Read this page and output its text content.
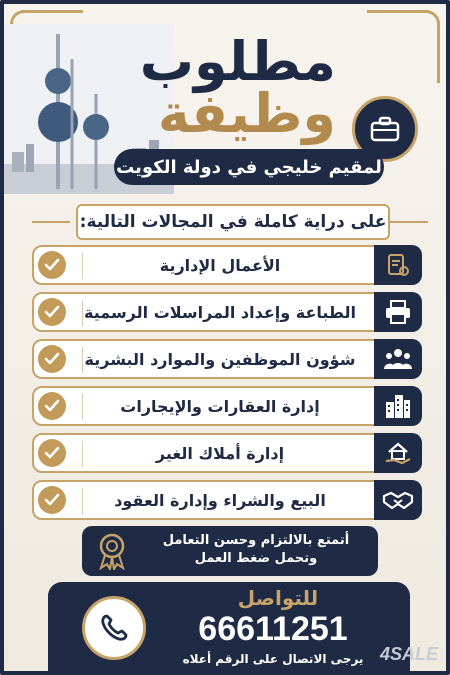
مطلوب
وظيفة
لمقيم خليجي في دولة الكويت
على دراية كاملة في المجالات التالية:
الأعمال الإدارية
الطباعة وإعداد المراسلات الرسمية
شؤون الموظفين والموارد البشرية
إدارة العقارات والإيجارات
إدارة أملاك الغير
البيع والشراء وإدارة العقود
أتمتع بالالتزام وحسن التعامل
وتحمل ضغط العمل
للتواصل
66611251
يرجى الاتصال على الرقم أعلاه 4SALE
